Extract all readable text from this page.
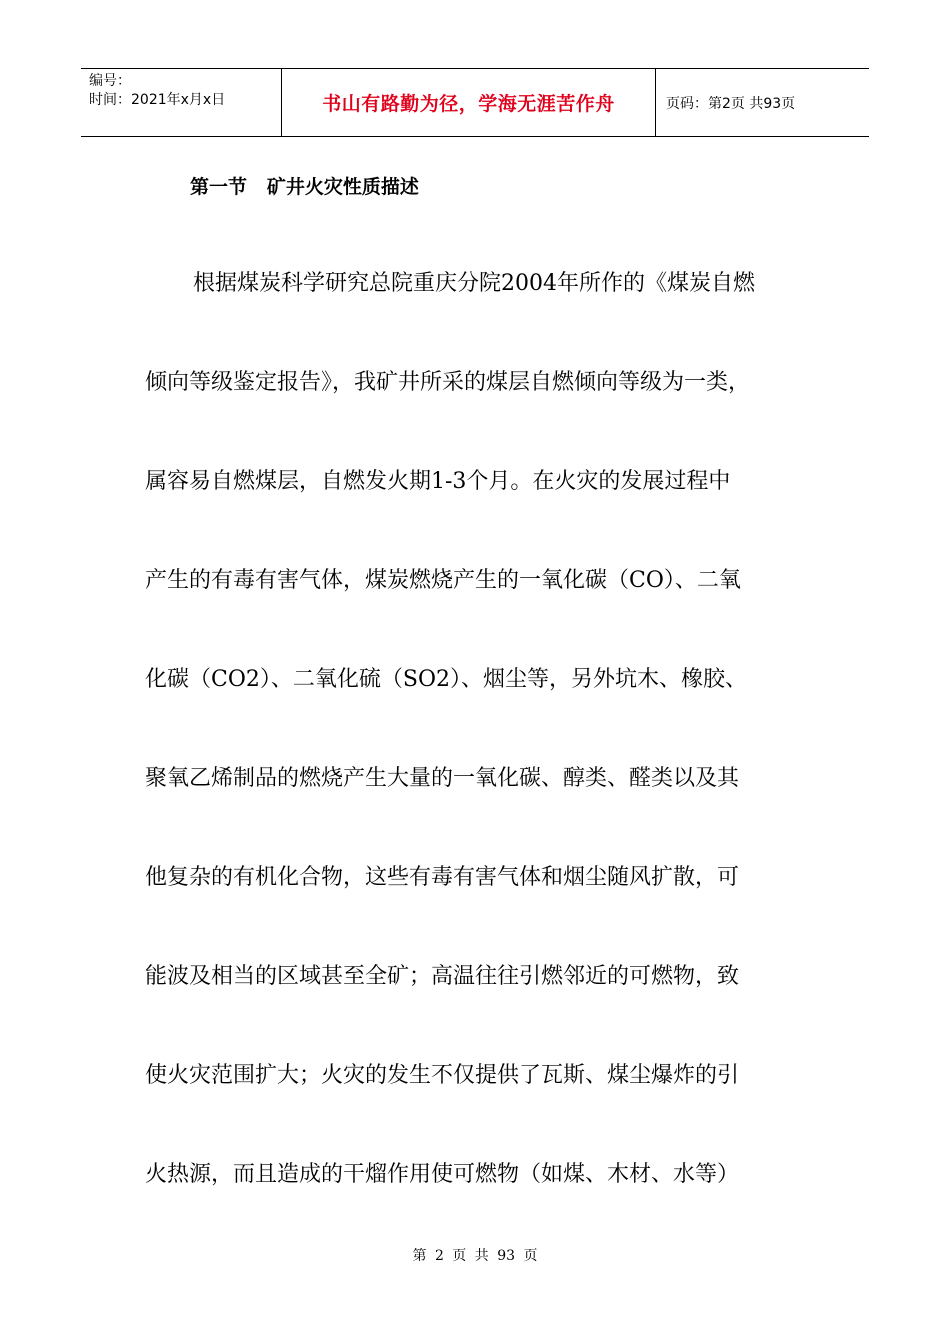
编号：
时间：2021年x月x日	书山有路勤为径，学海无涯苦作舟	页码：第2页 共93页
第一节   矿井火灾性质描述
根据煤炭科学研究总院重庆分院2004年所作的《煤炭自燃
倾向等级鉴定报告》，我矿井所采的煤层自燃倾向等级为一类，
属容易自燃煤层，自燃发火期1-3个月。在火灾的发展过程中
产生的有毒有害气体，煤炭燃烧产生的一氧化碳（CO）、二氧
化碳（CO2）、二氧化硫（SO2）、烟尘等，另外坑木、橡胶、
聚氧乙烯制品的燃烧产生大量的一氧化碳、醇类、醛类以及其
他复杂的有机化合物，这些有毒有害气体和烟尘随风扩散，可
能波及相当的区域甚至全矿；高温往往引燃邻近的可燃物，致
使火灾范围扩大；火灾的发生不仅提供了瓦斯、煤尘爆炸的引
火热源，而且造成的干熘作用使可燃物（如煤、木材、水等）
第 2 页 共 93 页
